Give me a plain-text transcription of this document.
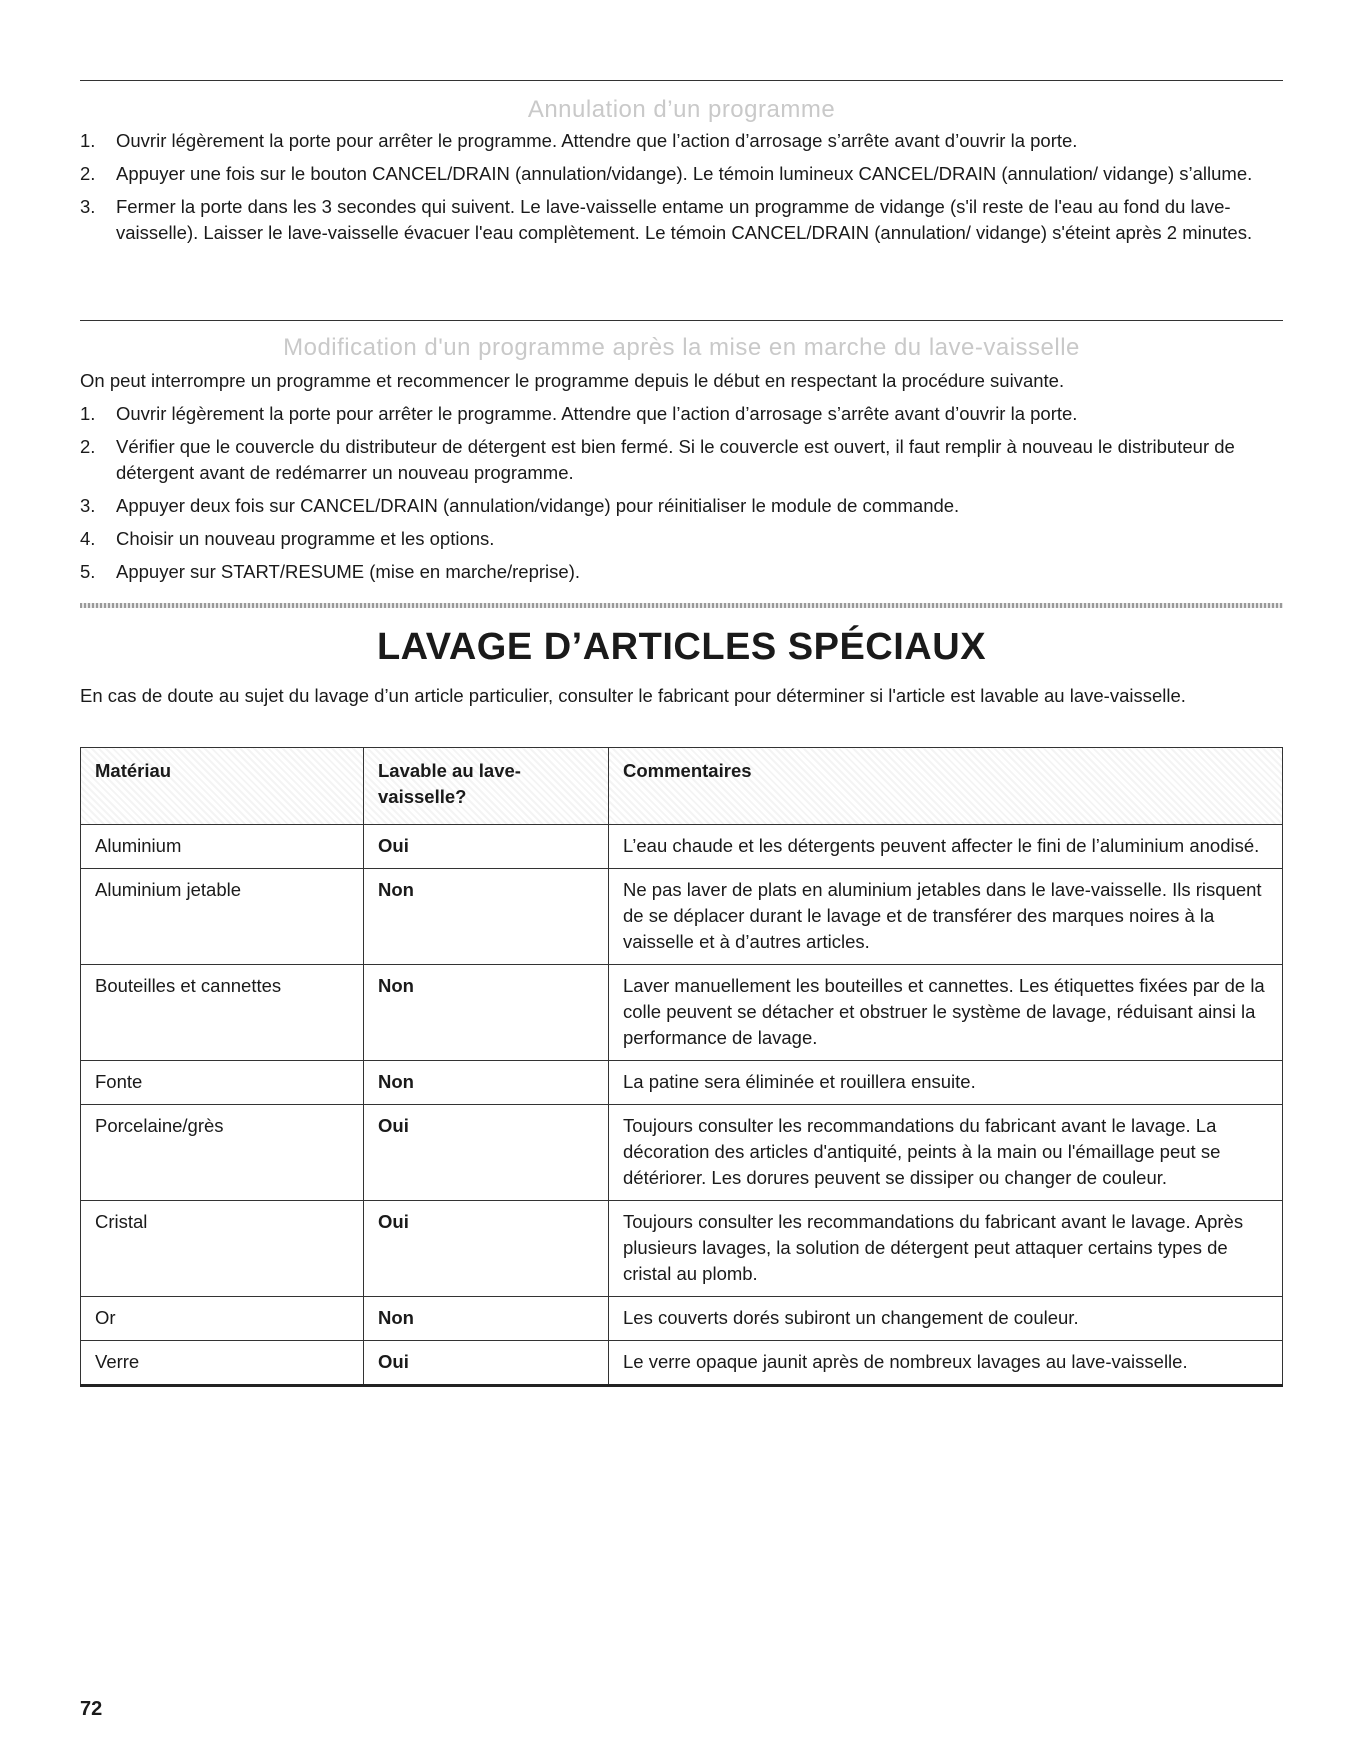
Annulation d’un programme
1. Ouvrir légèrement la porte pour arrêter le programme. Attendre que l’action d’arrosage s’arrête avant d’ouvrir la porte.
2. Appuyer une fois sur le bouton CANCEL/DRAIN (annulation/vidange). Le témoin lumineux CANCEL/DRAIN (annulation/ vidange) s’allume.
3. Fermer la porte dans les 3 secondes qui suivent. Le lave-vaisselle entame un programme de vidange (s'il reste de l'eau au fond du lave-vaisselle). Laisser le lave-vaisselle évacuer l'eau complètement. Le témoin CANCEL/DRAIN (annulation/ vidange) s'éteint après 2 minutes.
Modification d'un programme après la mise en marche du lave-vaisselle

On peut interrompre un programme et recommencer le programme depuis le début en respectant la procédure suivante.

1. Ouvrir légèrement la porte pour arrêter le programme. Attendre que l’action d’arrosage s’arrête avant d’ouvrir la porte.
2. Vérifier que le couvercle du distributeur de détergent est bien fermé. Si le couvercle est ouvert, il faut remplir à nouveau le distributeur de détergent avant de redémarrer un nouveau programme.
3. Appuyer deux fois sur CANCEL/DRAIN (annulation/vidange) pour réinitialiser le module de commande.
4. Choisir un nouveau programme et les options.
5. Appuyer sur START/RESUME (mise en marche/reprise).
LAVAGE D’ARTICLES SPÉCIAUX

En cas de doute au sujet du lavage d’un article particulier, consulter le fabricant pour déterminer si l'article est lavable au lave-vaisselle.

Matériau	Lavable au lave-vaisselle?	Commentaires
Aluminium	Oui	L’eau chaude et les détergents peuvent affecter le fini de l’aluminium anodisé.
Aluminium jetable	Non	Ne pas laver de plats en aluminium jetables dans le lave-vaisselle. Ils risquent de se déplacer durant le lavage et de transférer des marques noires à la vaisselle et à d’autres articles.
Bouteilles et cannettes	Non	Laver manuellement les bouteilles et cannettes. Les étiquettes fixées par de la colle peuvent se détacher et obstruer le système de lavage, réduisant ainsi la performance de lavage.
Fonte	Non	La patine sera éliminée et rouillera ensuite.
Porcelaine/grès	Oui	Toujours consulter les recommandations du fabricant avant le lavage. La décoration des articles d'antiquité, peints à la main ou l'émaillage peut se détériorer. Les dorures peuvent se dissiper ou changer de couleur.
Cristal	Oui	Toujours consulter les recommandations du fabricant avant le lavage. Après plusieurs lavages, la solution de détergent peut attaquer certains types de cristal au plomb.
Or	Non	Les couverts dorés subiront un changement de couleur.
Verre	Oui	Le verre opaque jaunit après de nombreux lavages au lave-vaisselle.

72
